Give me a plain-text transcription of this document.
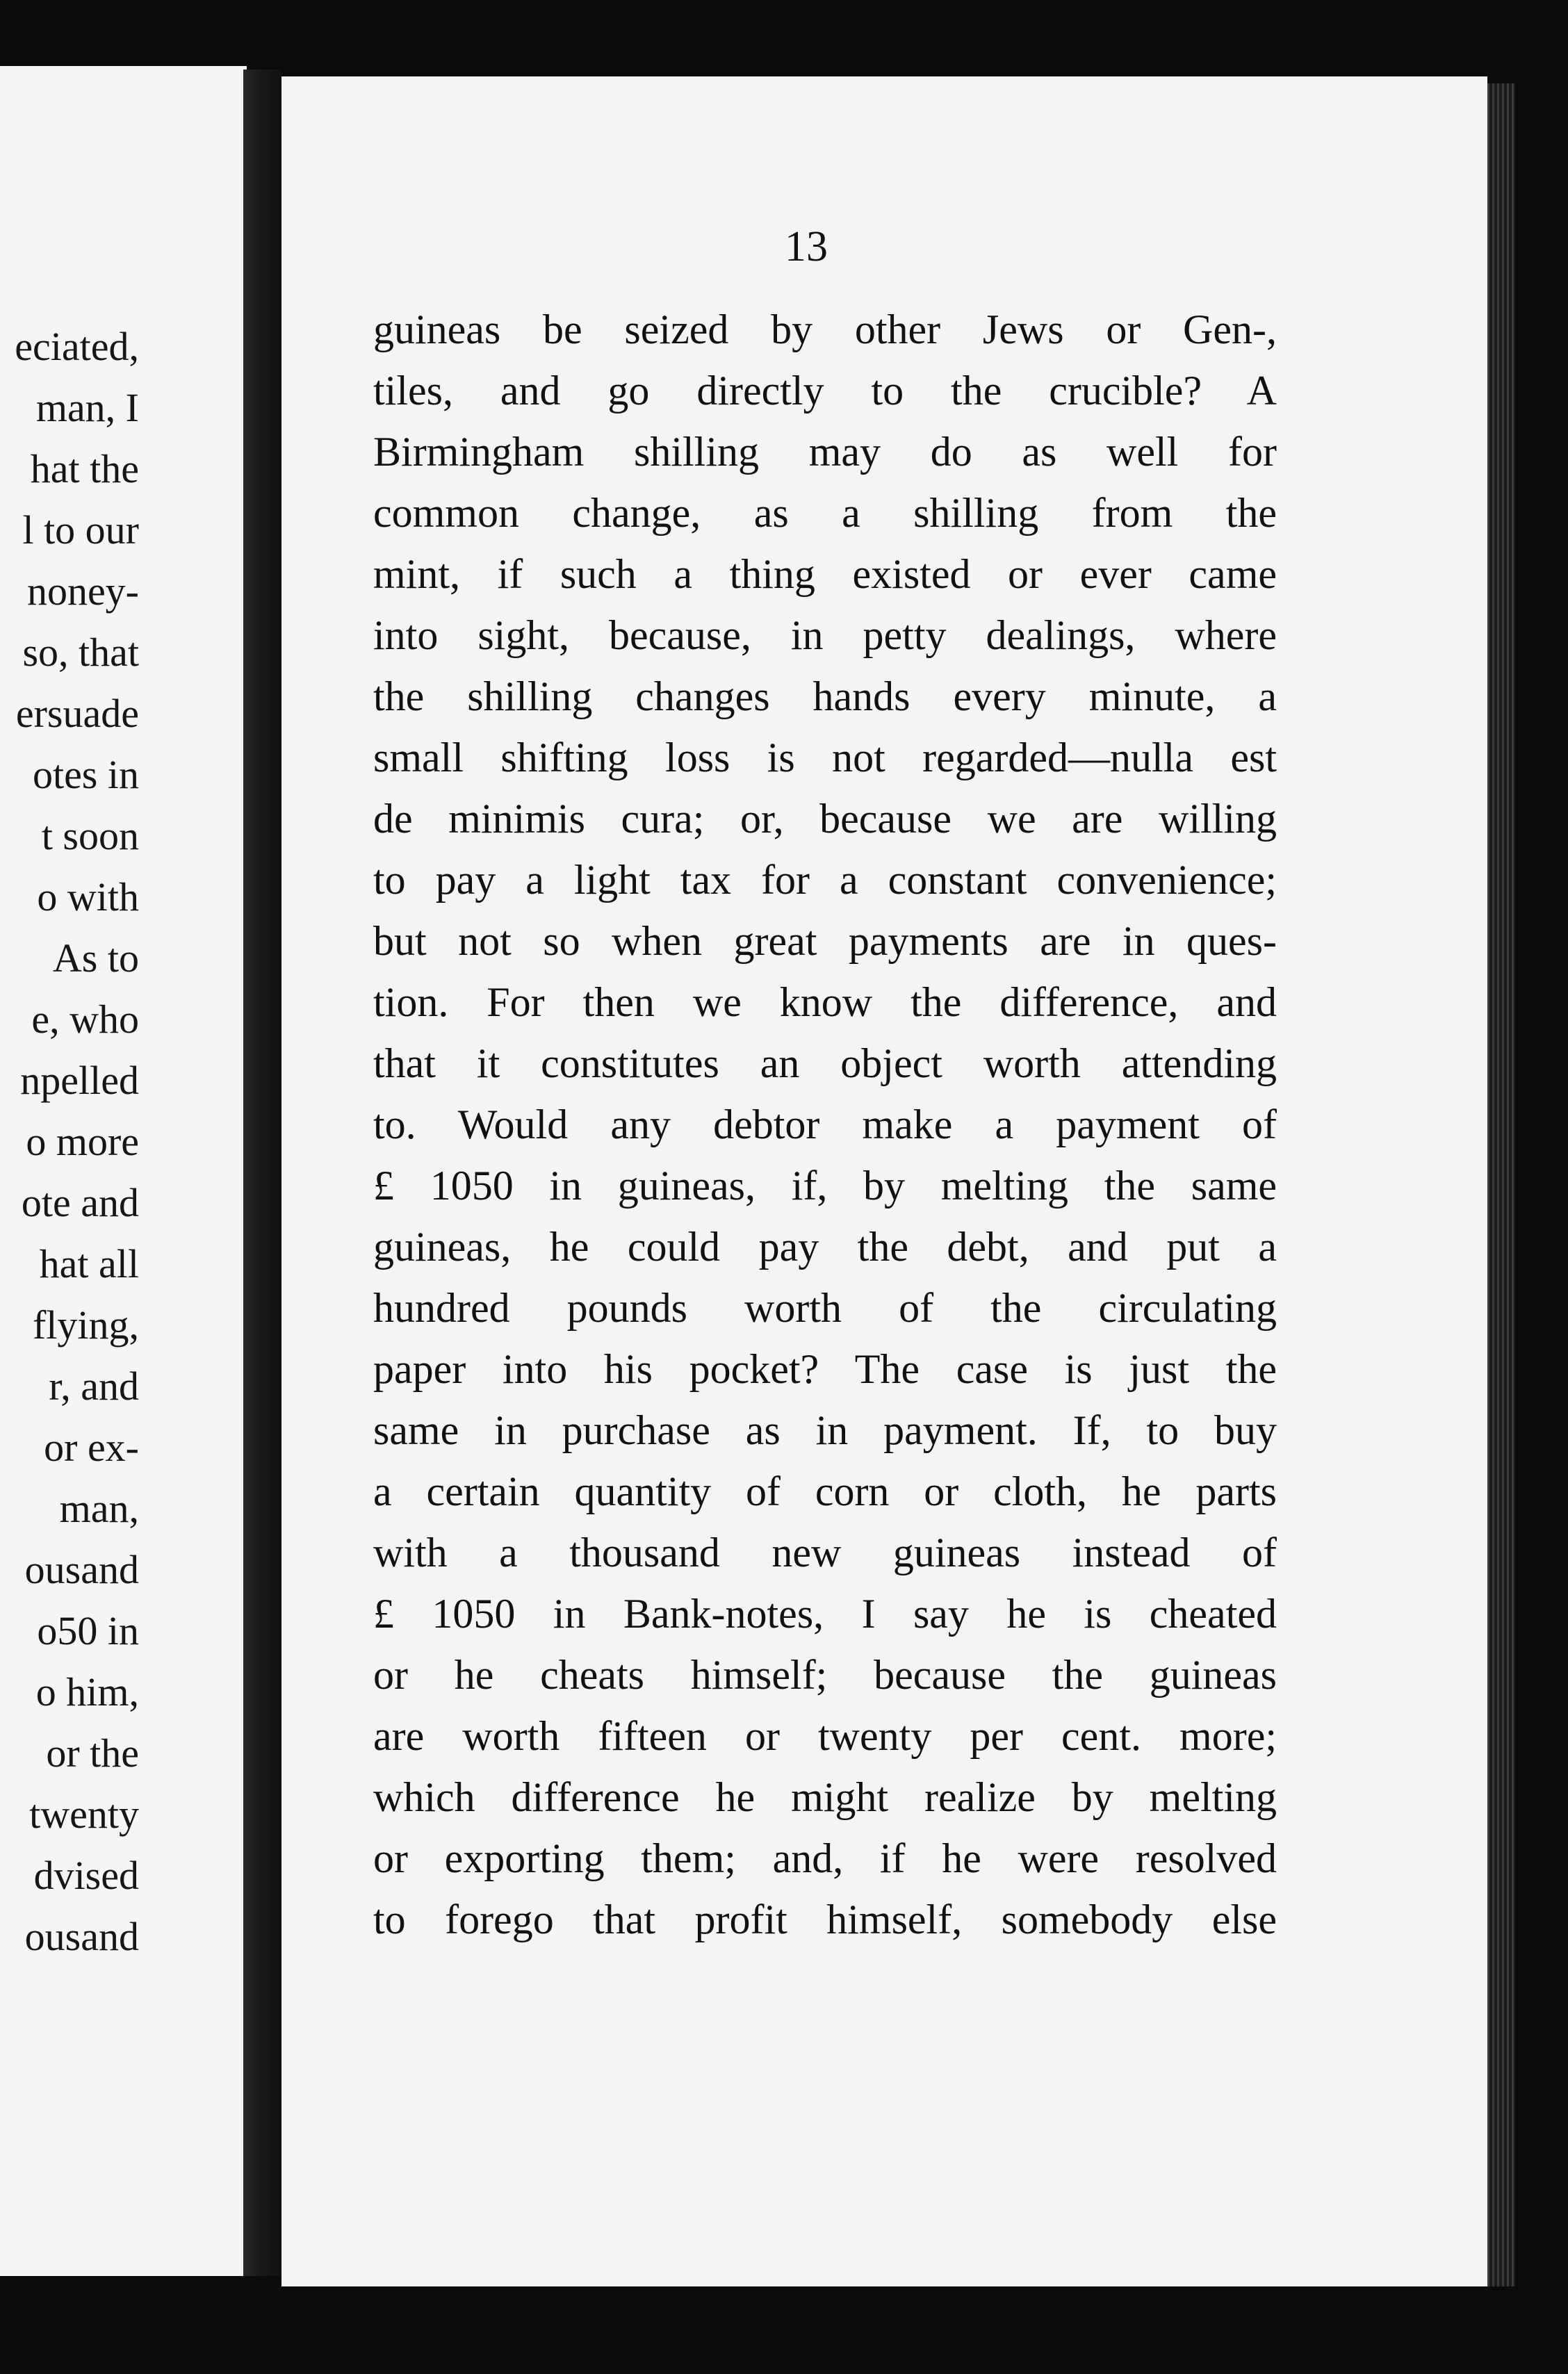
eciated,
man, I
hat the
l to our
noney-
so, that
ersuade
otes in
t soon
o with
As to
e, who
npelled
o more
ote and
hat all
flying,
r, and
or ex-
man,
ousand
o50 in
o him,
or the
twenty
dvised
ousand
13
guineas be seized by other Jews or Gen-,
tiles, and go directly to the crucible? A
Birmingham shilling may do as well for
common change, as a shilling from the
mint, if such a thing existed or ever came
into sight, because, in petty dealings, where
the shilling changes hands every minute, a
small shifting loss is not regarded—nulla est
de minimis cura; or, because we are willing
to pay a light tax for a constant convenience;
but not so when great payments are in ques-
tion. For then we know the difference, and
that it constitutes an object worth attending
to. Would any debtor make a payment of
£ 1050 in guineas, if, by melting the same
guineas, he could pay the debt, and put a
hundred pounds worth of the circulating
paper into his pocket? The case is just the
same in purchase as in payment. If, to buy
a certain quantity of corn or cloth, he parts
with a thousand new guineas instead of
£ 1050 in Bank-notes, I say he is cheated
or he cheats himself; because the guineas
are worth fifteen or twenty per cent. more;
which difference he might realize by melting
or exporting them; and, if he were resolved
to forego that profit himself, somebody else
